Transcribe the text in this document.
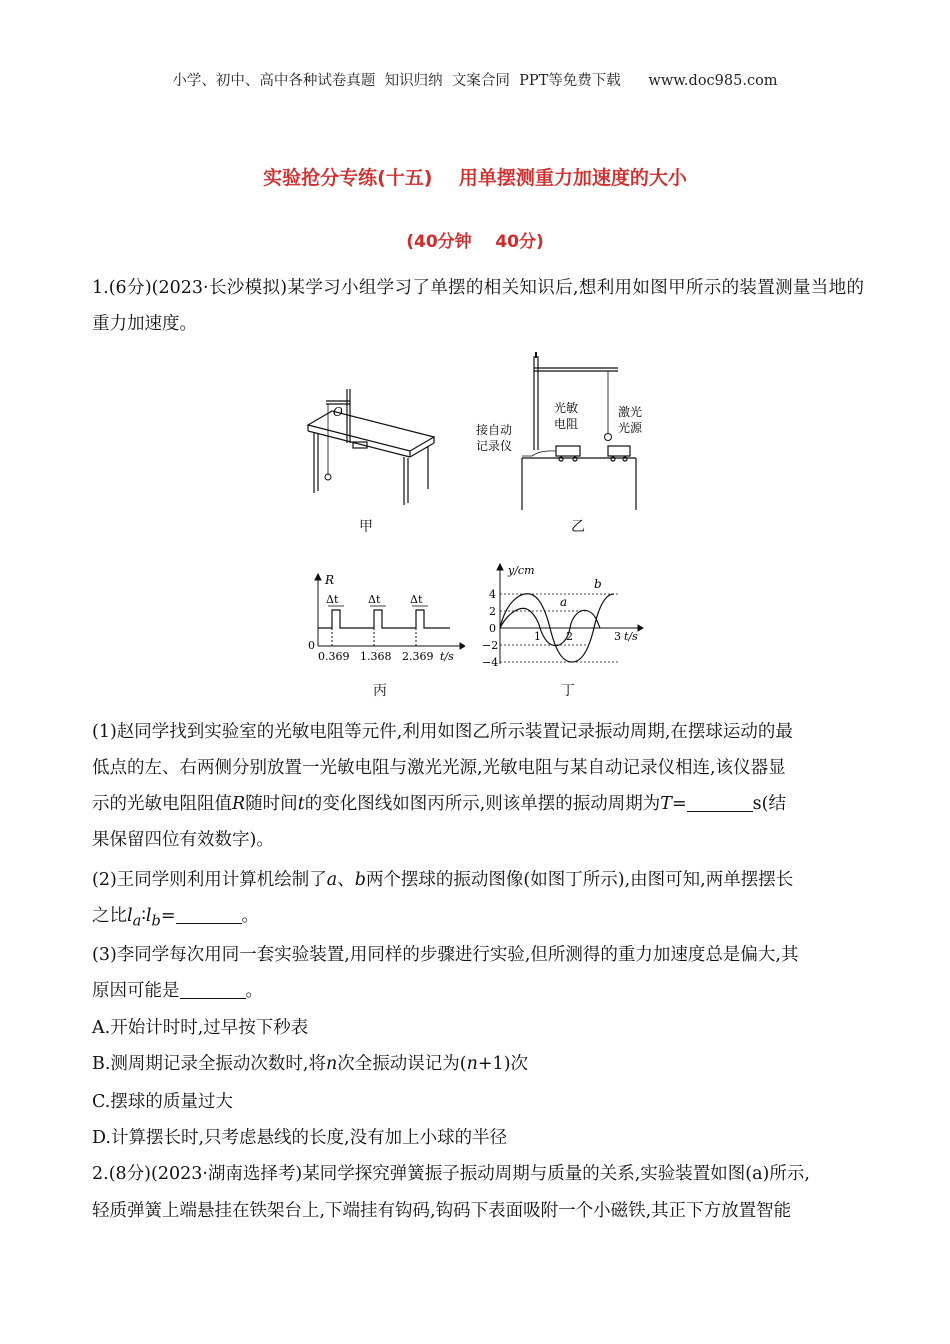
小学、初中、高中各种试卷真题  知识归纳  文案合同  PPT等免费下载      www.doc985.com
实验抢分专练(十五)    用单摆测重力加速度的大小
(40分钟    40分)
1.(6分)(2023·长沙模拟)某学习小组学习了单摆的相关知识后,想利用如图甲所示的装置测量当地的重力加速度。
O
甲
光敏
电阻
激光
光源
接自动
记录仪
乙
R
0
Δt	Δt	Δt
0.369 1.368 2.369 t/s
丙
y/cm
4
2
0
−2
−4
1 2	3 t/s
a
b
丁
(1)赵同学找到实验室的光敏电阻等元件,利用如图乙所示装置记录振动周期,在摆球运动的最
低点的左、右两侧分别放置一光敏电阻与激光光源,光敏电阻与某自动记录仪相连,该仪器显
示的光敏电阻阻值R随时间t的变化图线如图丙所示,则该单摆的振动周期为T=	s(结
果保留四位有效数字)。
(2)王同学则利用计算机绘制了a、b两个摆球的振动图像(如图丁所示),由图可知,两单摆摆长
之比$l_a∶l_b=$	。
(3)李同学每次用同一套实验装置,用同样的步骤进行实验,但所测得的重力加速度总是偏大,其
原因可能是	。
A.开始计时时,过早按下秒表
B.测周期记录全振动次数时,将n次全振动误记为(n+1)次
C.摆球的质量过大
D.计算摆长时,只考虑悬线的长度,没有加上小球的半径
2.(8分)(2023·湖南选择考)某同学探究弹簧振子振动周期与质量的关系,实验装置如图(a)所示,
轻质弹簧上端悬挂在铁架台上,下端挂有钩码,钩码下表面吸附一个小磁铁,其正下方放置智能
